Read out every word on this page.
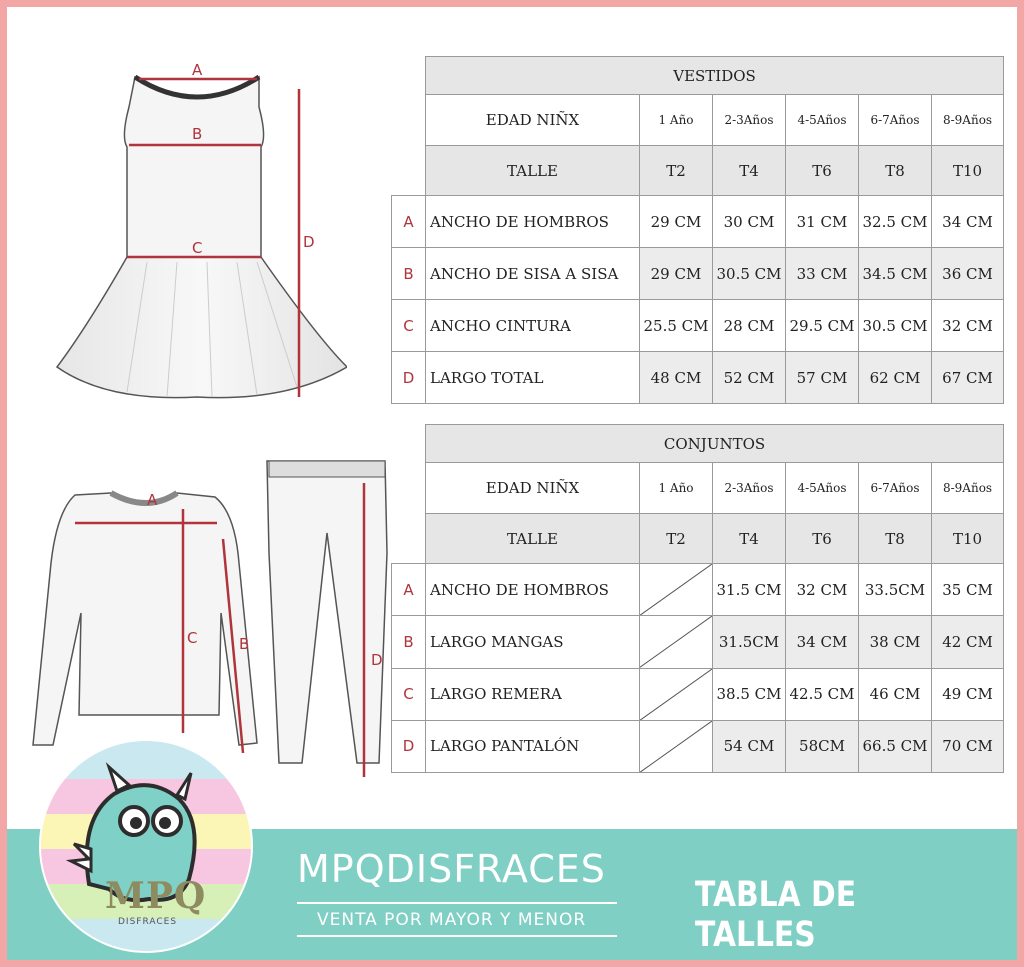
A
B
C	D
A
B
C
D
	VESTIDOS					
	EDAD NIÑX	1 Año	2-3Años	4-5Años	6-7Años	8-9Años
	TALLE	T2	T4	T6	T8	T10
A	ANCHO DE HOMBROS	29 CM	30 CM	31 CM	32.5 CM	34 CM
B	ANCHO DE SISA A SISA	29 CM	30.5 CM	33 CM	34.5 CM	36 CM
C	ANCHO CINTURA	25.5 CM	28 CM	29.5 CM	30.5 CM	32 CM
D	LARGO TOTAL	48 CM	52 CM	57 CM	62 CM	67 CM
	CONJUNTOS					
	EDAD NIÑX	1 Año	2-3Años	4-5Años	6-7Años	8-9Años
	TALLE	T2	T4	T6	T8	T10
A	ANCHO DE HOMBROS		31.5 CM	32 CM	33.5CM	35 CM
B	LARGO MANGAS		31.5CM	34 CM	38 CM	42 CM
C	LARGO REMERA		38.5 CM	42.5 CM	46 CM	49 CM
D	LARGO PANTALÓN		54 CM	58CM	66.5 CM	70 CM
MPQDISFRACES
VENTA POR MAYOR Y MENOR
TABLA DE TALLES
MPQ
DISFRACES
